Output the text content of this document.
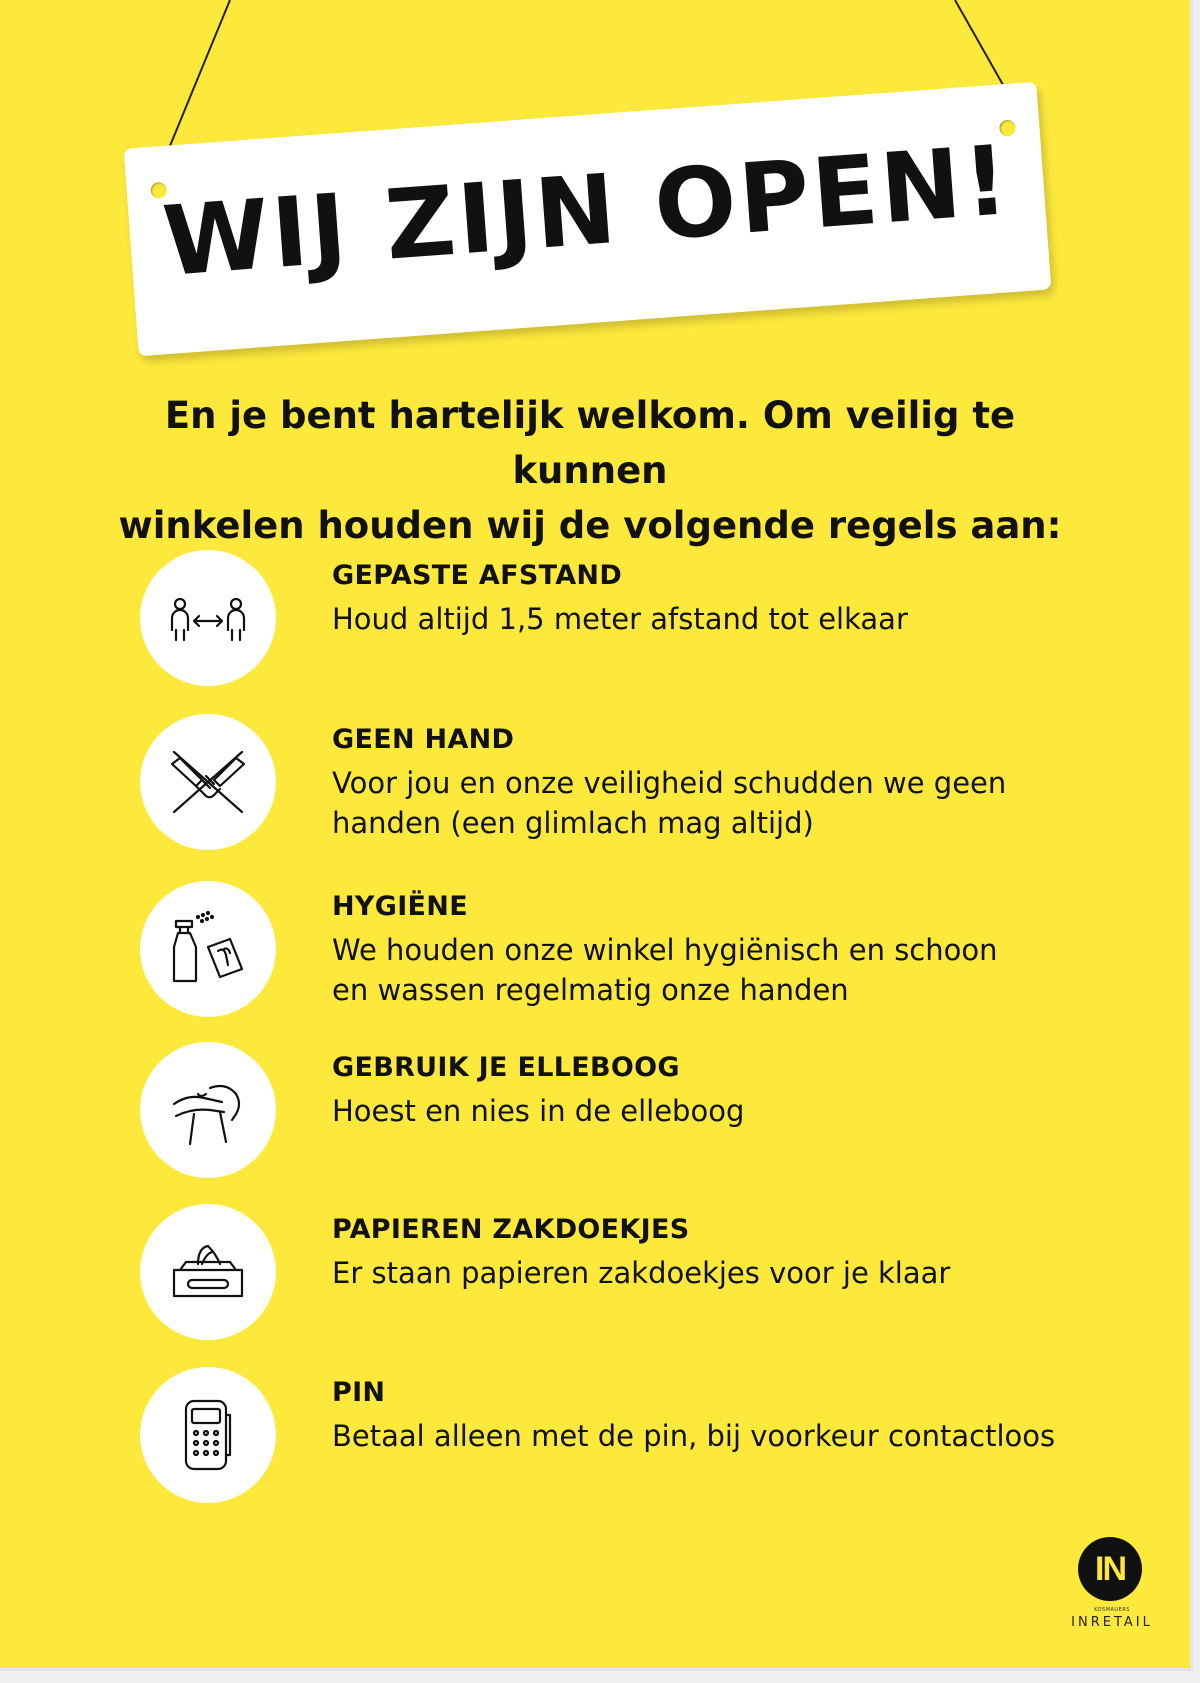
WIJ ZIJN OPEN!
En je bent hartelijk welkom. Om veilig te kunnen
winkelen houden wij de volgende regels aan:
GEPASTE AFSTAND
Houd altijd 1,5 meter afstand tot elkaar
GEEN HAND
Voor jou en onze veiligheid schudden we geen
handen (een glimlach mag altijd)
HYGIËNE
We houden onze winkel hygiënisch en schoon
en wassen regelmatig onze handen
GEBRUIK JE ELLEBOOG
Hoest en nies in de elleboog
PAPIEREN ZAKDOEKJES
Er staan papieren zakdoekjes voor je klaar
PIN
Betaal alleen met de pin, bij voorkeur contactloos
IN
KOSMAUERS
INRETAIL
